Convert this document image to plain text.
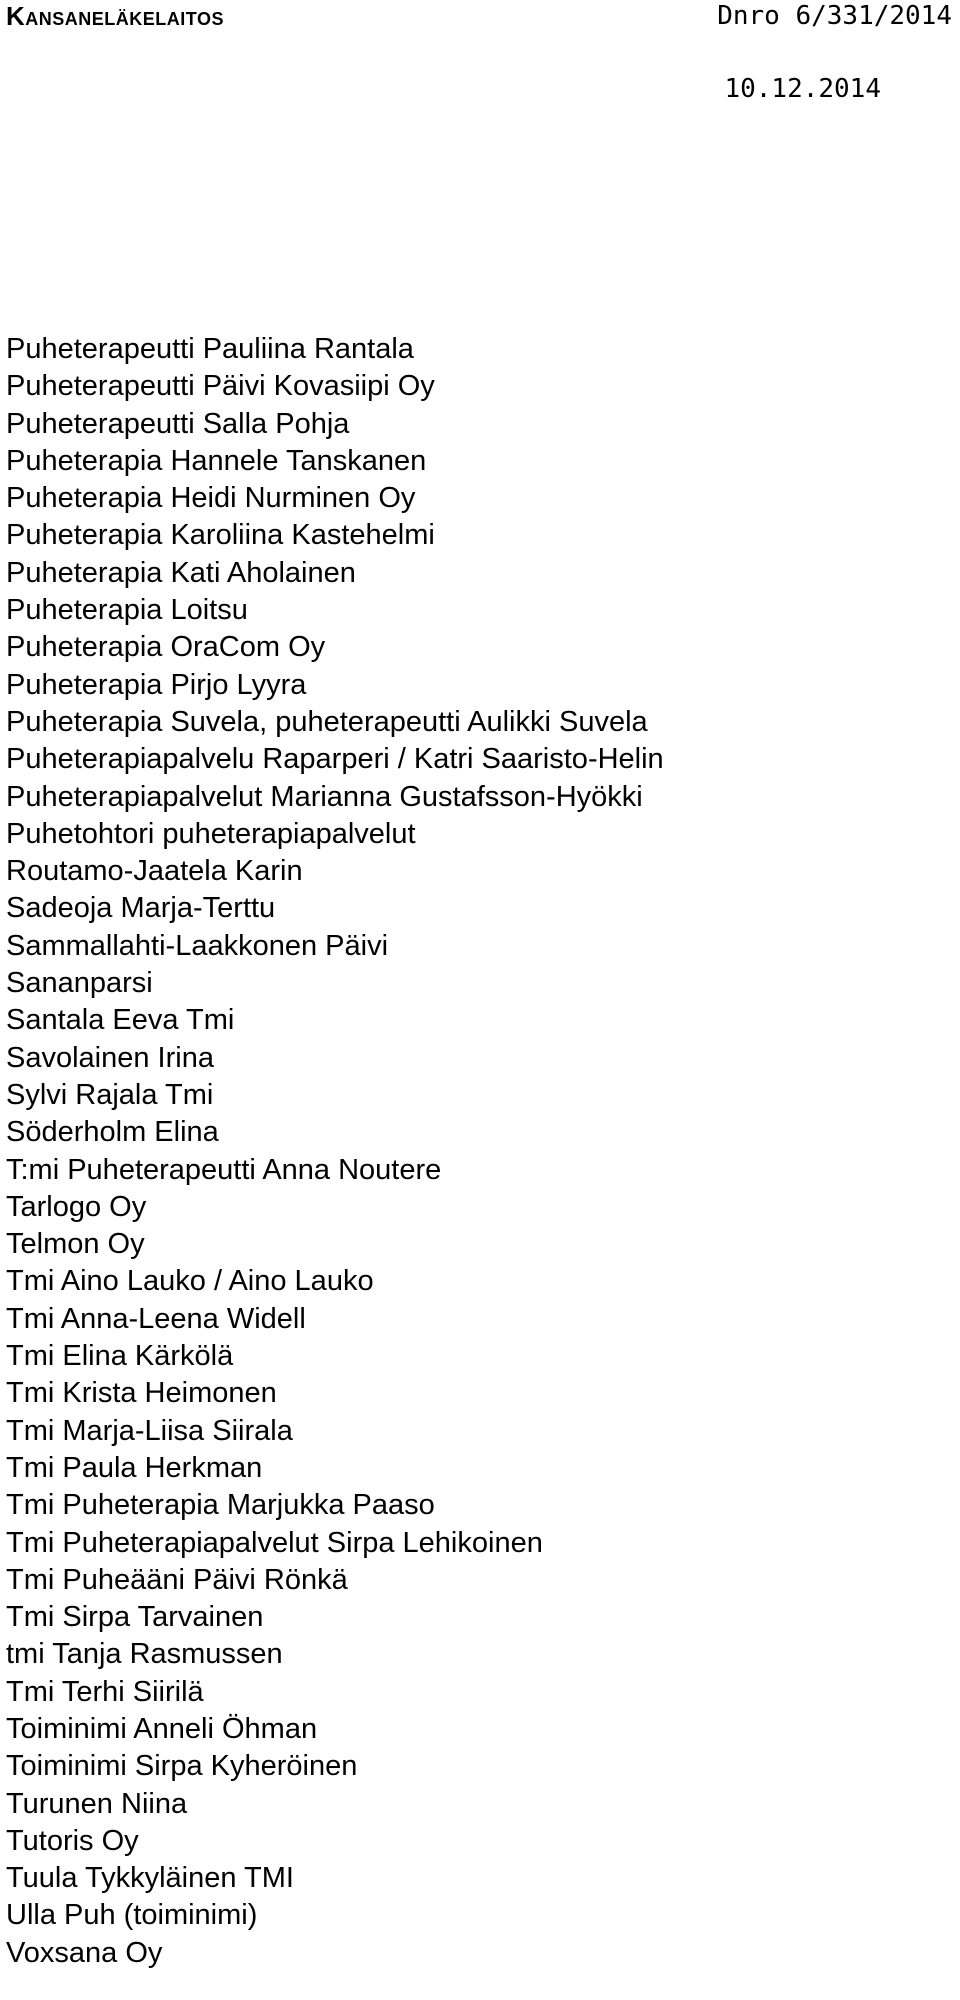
Kansaneläkelaitos	Dnro 6/331/2014
10.12.2014
Puheterapeutti Pauliina Rantala
Puheterapeutti Päivi Kovasiipi Oy
Puheterapeutti Salla Pohja
Puheterapia Hannele Tanskanen
Puheterapia Heidi Nurminen Oy
Puheterapia Karoliina Kastehelmi
Puheterapia Kati Aholainen
Puheterapia Loitsu
Puheterapia OraCom Oy
Puheterapia Pirjo Lyyra
Puheterapia Suvela, puheterapeutti Aulikki Suvela
Puheterapiapalvelu Raparperi / Katri Saaristo-Helin
Puheterapiapalvelut Marianna Gustafsson-Hyökki
Puhetohtori puheterapiapalvelut
Routamo-Jaatela Karin
Sadeoja Marja-Terttu
Sammallahti-Laakkonen Päivi
Sananparsi
Santala Eeva Tmi
Savolainen Irina
Sylvi Rajala Tmi
Söderholm Elina
T:mi Puheterapeutti Anna Noutere
Tarlogo Oy
Telmon Oy
Tmi Aino Lauko / Aino Lauko
Tmi Anna-Leena Widell
Tmi Elina Kärkölä
Tmi Krista Heimonen
Tmi Marja-Liisa Siirala
Tmi Paula Herkman
Tmi Puheterapia Marjukka Paaso
Tmi Puheterapiapalvelut Sirpa Lehikoinen
Tmi Puheääni Päivi Rönkä
Tmi Sirpa Tarvainen
tmi Tanja Rasmussen
Tmi Terhi Siirilä
Toiminimi Anneli Öhman
Toiminimi Sirpa Kyheröinen
Turunen Niina
Tutoris Oy
Tuula Tykkyläinen TMI
Ulla Puh (toiminimi)
Voxsana Oy
